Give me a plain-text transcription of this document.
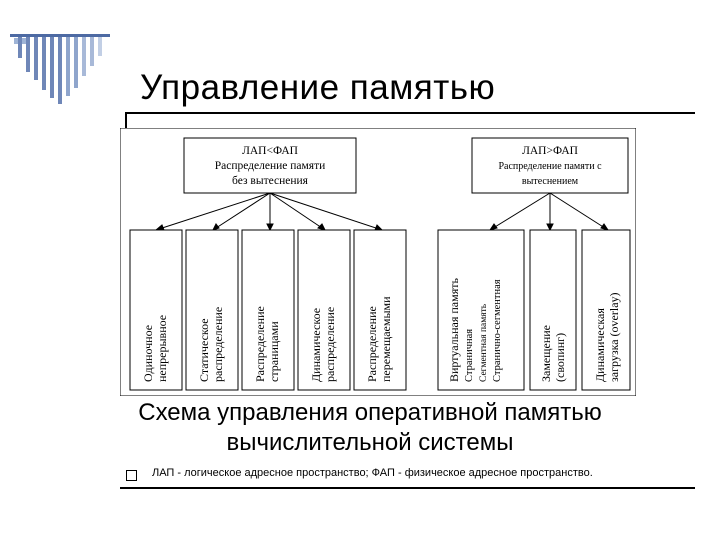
Управление памятью
ЛАП<ФАП
Распределение памяти
без вытеснения
ЛАП>ФАП
Распределение памяти с
вытеснением
Одиночное непрерывное Статическое распределение Распределение страницами Динамическое распределение Распределение перемещаемыми	Виртуальная память Страничная Сегментная память Странично-сегментная	Замещение (свопинг) Динамическая загрузка (overlay)
Схема управления оперативной памятью
вычислительной системы
ЛАП - логическое адресное пространство; ФАП - физическое адресное пространство.
